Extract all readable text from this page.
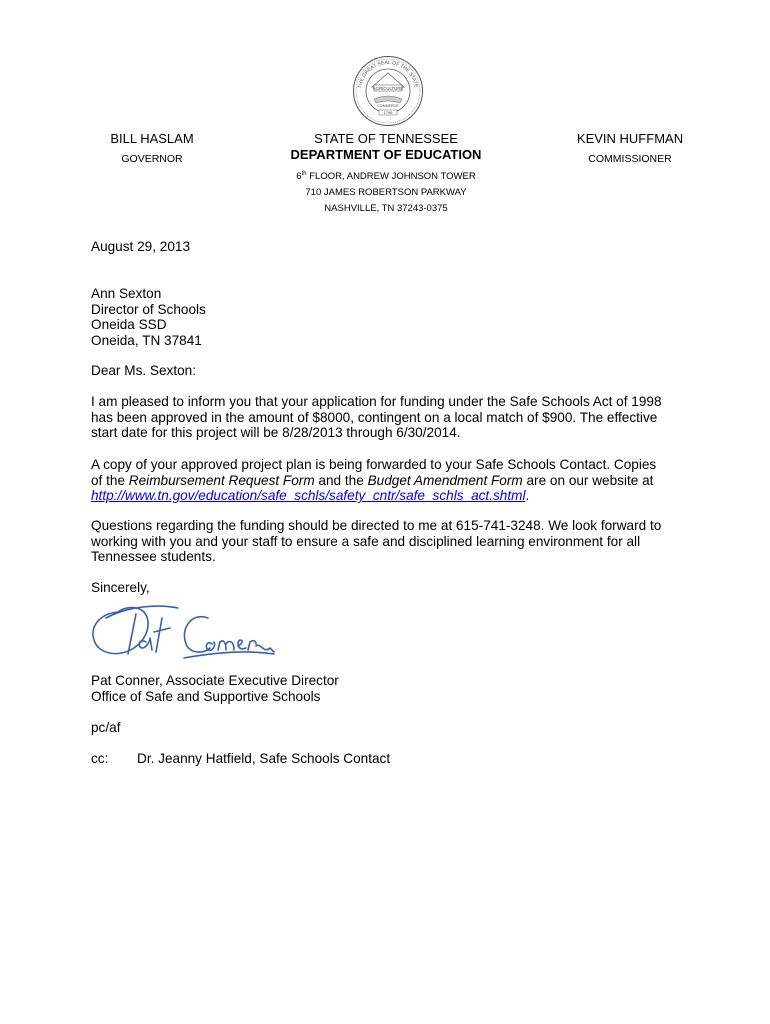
THE GREAT SEAL OF THE STATE
AGRICULTURE
COMMERCE
1796
BILL HASLAM
GOVERNOR
STATE OF TENNESSEE
DEPARTMENT OF EDUCATION
6th FLOOR, ANDREW JOHNSON TOWER
710 JAMES ROBERTSON PARKWAY
NASHVILLE, TN 37243-0375
KEVIN HUFFMAN
COMMISSIONER
August 29, 2013
Ann Sexton
Director of Schools
Oneida SSD
Oneida, TN 37841
Dear Ms. Sexton:
I am pleased to inform you that your application for funding under the Safe Schools Act of 1998
has been approved in the amount of $8000, contingent on a local match of $900. The effective
start date for this project will be 8/28/2013 through 6/30/2014.
A copy of your approved project plan is being forwarded to your Safe Schools Contact. Copies
of the Reimbursement Request Form and the Budget Amendment Form are on our website at
http://www.tn.gov/education/safe_schls/safety_cntr/safe_schls_act.shtml.
Questions regarding the funding should be directed to me at 615-741-3248. We look forward to
working with you and your staff to ensure a safe and disciplined learning environment for all
Tennessee students.
Sincerely,
Pat Conner, Associate Executive Director
Office of Safe and Supportive Schools
pc/af
cc: Dr. Jeanny Hatfield, Safe Schools Contact
